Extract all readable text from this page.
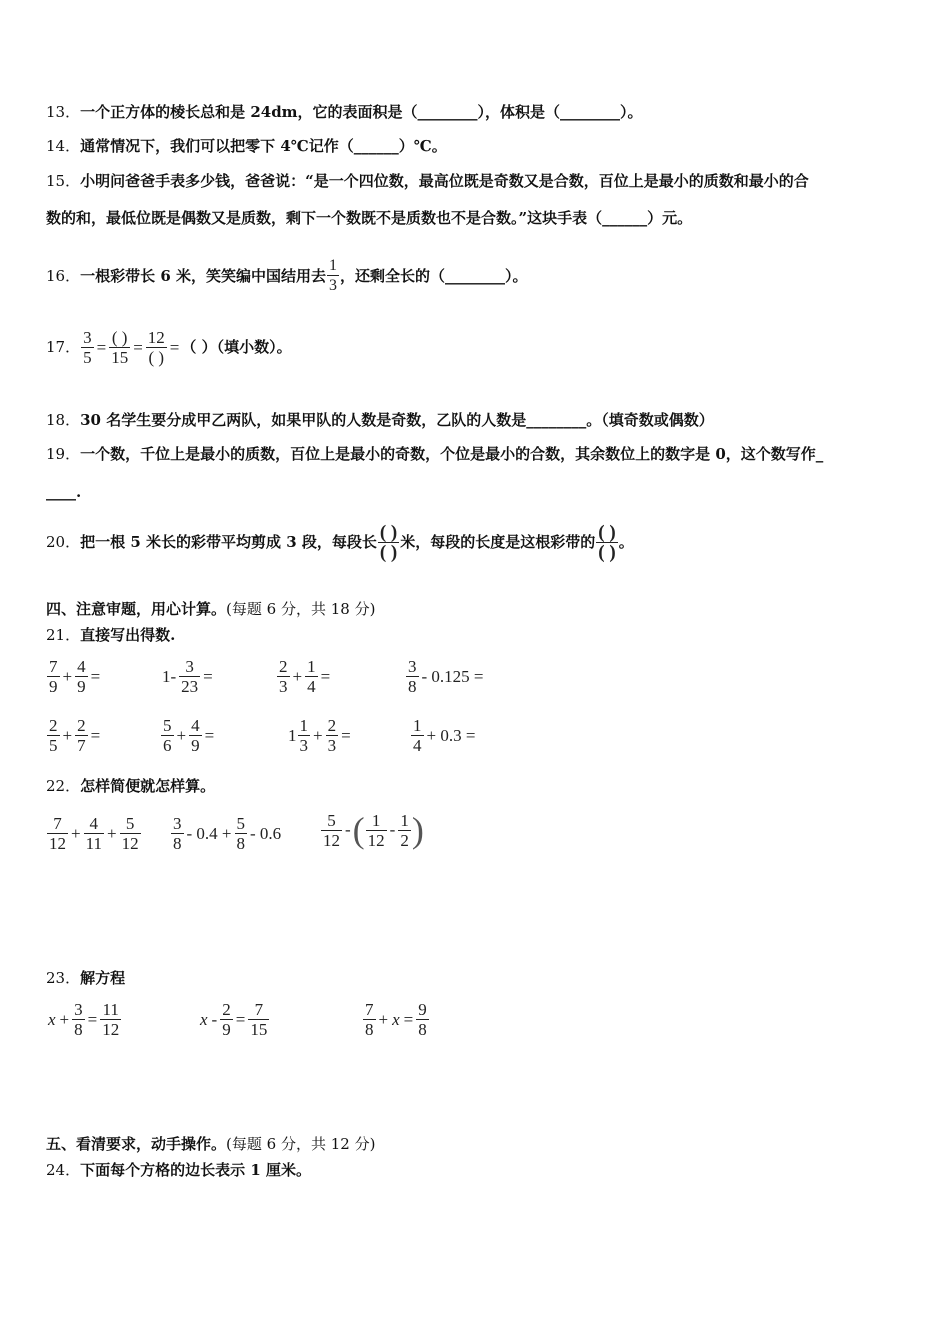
13．一个正方体的棱长总和是 24dm，它的表面积是（________），体积是（________）。
14．通常情况下，我们可以把零下 4℃记作（______）℃。
15．小明问爸爸手表多少钱，爸爸说：“是一个四位数，最高位既是奇数又是合数，百位上是最小的质数和最小的合
数的和，最低位既是偶数又是质数，剩下一个数既不是质数也不是合数。”这块手表（______）元。
16．一根彩带长 6 米，笑笑编中国结用去 $\frac{1}{3}$ ，还剩全长的（________）。
17． $\frac{3}{5} = \frac{( )}{15} = \frac{12}{( )}$ = （ ）（填小数）。
18．30 名学生要分成甲乙两队，如果甲队的人数是奇数，乙队的人数是________。（填奇数或偶数）
19．一个数，千位上是最小的质数，百位上是最小的奇数，个位是最小的合数，其余数位上的数字是 0，这个数写作_
____.
20．把一根 5 米长的彩带平均剪成 3 段，每段长 $\frac{( )}{( )}$ 米，每段的长度是这根彩带的 $\frac{( )}{( )}$ 。
四、注意审题，用心计算。(每题 6 分，共 18 分)
21．直接写出得数.
$\frac{7}{9} + \frac{4}{9}$ =	$1- \frac{3}{23}$ =	$\frac{2}{3} + \frac{1}{4}$ =	$\frac{3}{8} - 0.125$ =
$\frac{2}{5} + \frac{2}{7}$ =	$\frac{5}{6} + \frac{4}{9}$ =	$1 \frac{1}{3} + \frac{2}{3}$ =	$\frac{1}{4} + 0.3$ =
22．怎样简便就怎样算。
$\frac{7}{12} + \frac{4}{11} + \frac{5}{12} \frac{3}{8} - 0.4 + \frac{5}{8} - 0.6 \frac{5}{12}$ -( $\frac{1}{12} - \frac{1}{2}$ )
23．解方程
$x + \frac{3}{8} = \frac{11}{12}$	$x - \frac{2}{9} = \frac{7}{15}$	$\frac{7}{8} + x = \frac{9}{8}$
五、看清要求，动手操作。(每题 6 分，共 12 分)
24．下面每个方格的边长表示 1 厘米。
